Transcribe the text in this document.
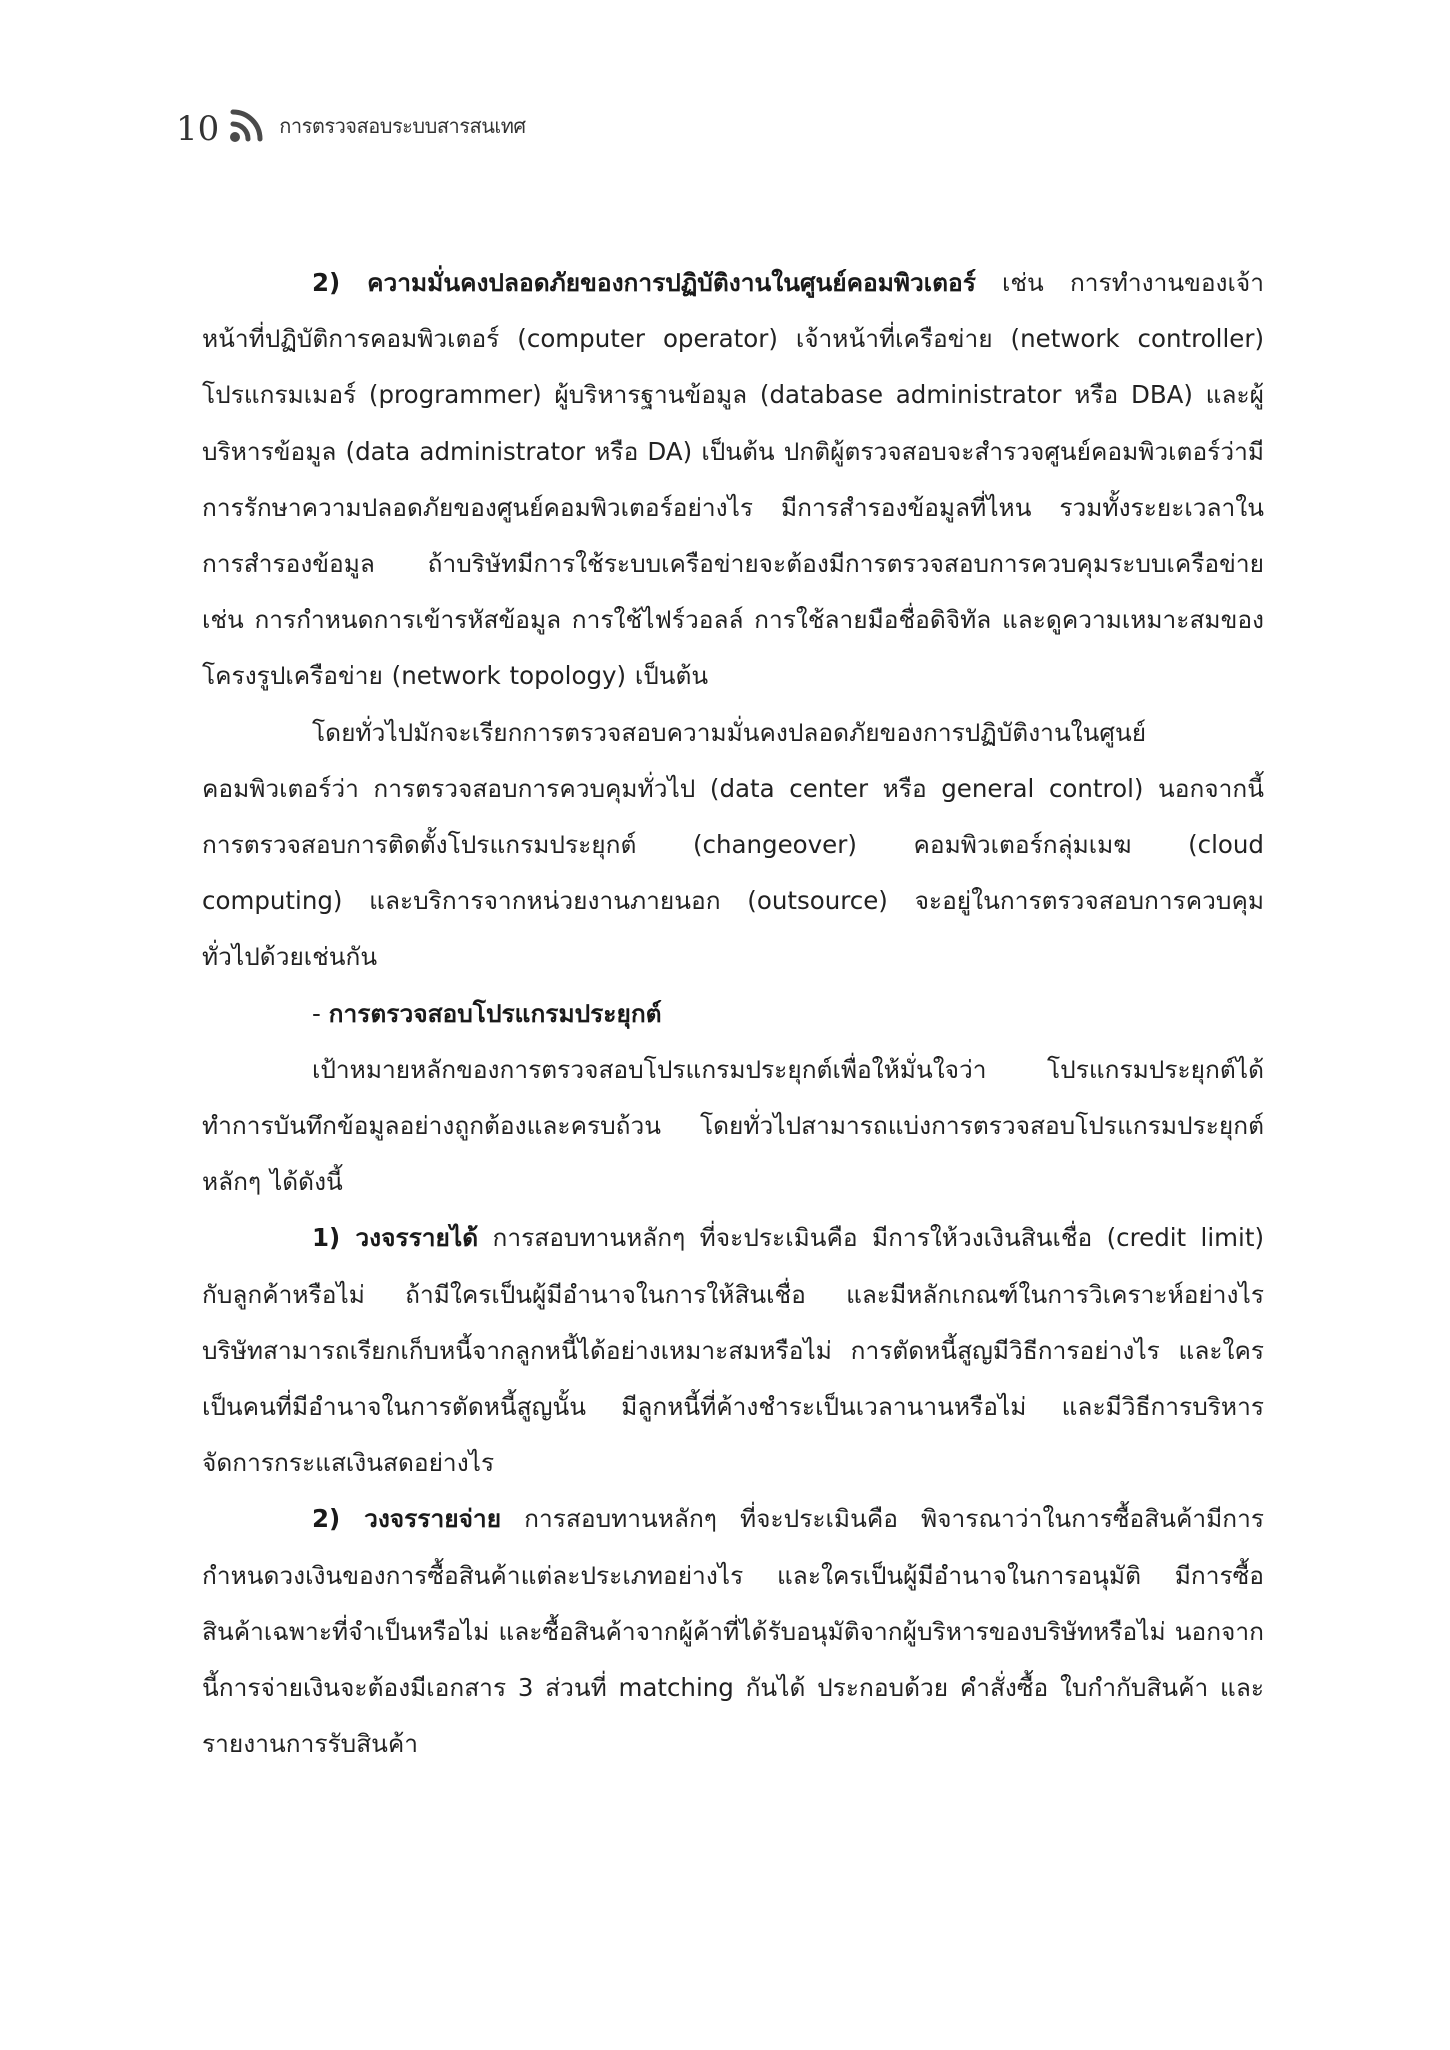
10	การตรวจสอบระบบสารสนเทศ

2) ความมั่นคงปลอดภัยของการปฏิบัติงานในศูนย์คอมพิวเตอร์ เช่น การทำงานของเจ้าหน้าที่ปฏิบัติการคอมพิวเตอร์ (computer operator) เจ้าหน้าที่เครือข่าย (network controller) โปรแกรมเมอร์ (programmer) ผู้บริหารฐานข้อมูล (database administrator หรือ DBA) และผู้บริหารข้อมูล (data administrator หรือ DA) เป็นต้น ปกติผู้ตรวจสอบจะสำรวจศูนย์คอมพิวเตอร์ว่ามีการรักษาความปลอดภัยของศูนย์คอมพิวเตอร์อย่างไร มีการสำรองข้อมูลที่ไหน รวมทั้งระยะเวลาในการสำรองข้อมูล ถ้าบริษัทมีการใช้ระบบเครือข่ายจะต้องมีการตรวจสอบการควบคุมระบบเครือข่าย เช่น การกำหนดการเข้ารหัสข้อมูล การใช้ไฟร์วอลล์ การใช้ลายมือชื่อดิจิทัล และดูความเหมาะสมของโครงรูปเครือข่าย (network topology) เป็นต้น

โดยทั่วไปมักจะเรียกการตรวจสอบความมั่นคงปลอดภัยของการปฏิบัติงานในศูนย์คอมพิวเตอร์ว่า การตรวจสอบการควบคุมทั่วไป (data center หรือ general control) นอกจากนี้การตรวจสอบการติดตั้งโปรแกรมประยุกต์ (changeover) คอมพิวเตอร์กลุ่มเมฆ (cloud computing) และบริการจากหน่วยงานภายนอก (outsource) จะอยู่ในการตรวจสอบการควบคุมทั่วไปด้วยเช่นกัน

- การตรวจสอบโปรแกรมประยุกต์

เป้าหมายหลักของการตรวจสอบโปรแกรมประยุกต์เพื่อให้มั่นใจว่า โปรแกรมประยุกต์ได้ทำการบันทึกข้อมูลอย่างถูกต้องและครบถ้วน โดยทั่วไปสามารถแบ่งการตรวจสอบโปรแกรมประยุกต์หลักๆ ได้ดังนี้

1) วงจรรายได้ การสอบทานหลักๆ ที่จะประเมินคือ มีการให้วงเงินสินเชื่อ (credit limit) กับลูกค้าหรือไม่ ถ้ามีใครเป็นผู้มีอำนาจในการให้สินเชื่อ และมีหลักเกณฑ์ในการวิเคราะห์อย่างไร บริษัทสามารถเรียกเก็บหนี้จากลูกหนี้ได้อย่างเหมาะสมหรือไม่ การตัดหนี้สูญมีวิธีการอย่างไร และใครเป็นคนที่มีอำนาจในการตัดหนี้สูญนั้น มีลูกหนี้ที่ค้างชำระเป็นเวลานานหรือไม่ และมีวิธีการบริหารจัดการกระแสเงินสดอย่างไร

2) วงจรรายจ่าย การสอบทานหลักๆ ที่จะประเมินคือ พิจารณาว่าในการซื้อสินค้ามีการกำหนดวงเงินของการซื้อสินค้าแต่ละประเภทอย่างไร และใครเป็นผู้มีอำนาจในการอนุมัติ มีการซื้อสินค้าเฉพาะที่จำเป็นหรือไม่ และซื้อสินค้าจากผู้ค้าที่ได้รับอนุมัติจากผู้บริหารของบริษัทหรือไม่ นอกจากนี้การจ่ายเงินจะต้องมีเอกสาร 3 ส่วนที่ matching กันได้ ประกอบด้วย คำสั่งซื้อ ใบกำกับสินค้า และรายงานการรับสินค้า
